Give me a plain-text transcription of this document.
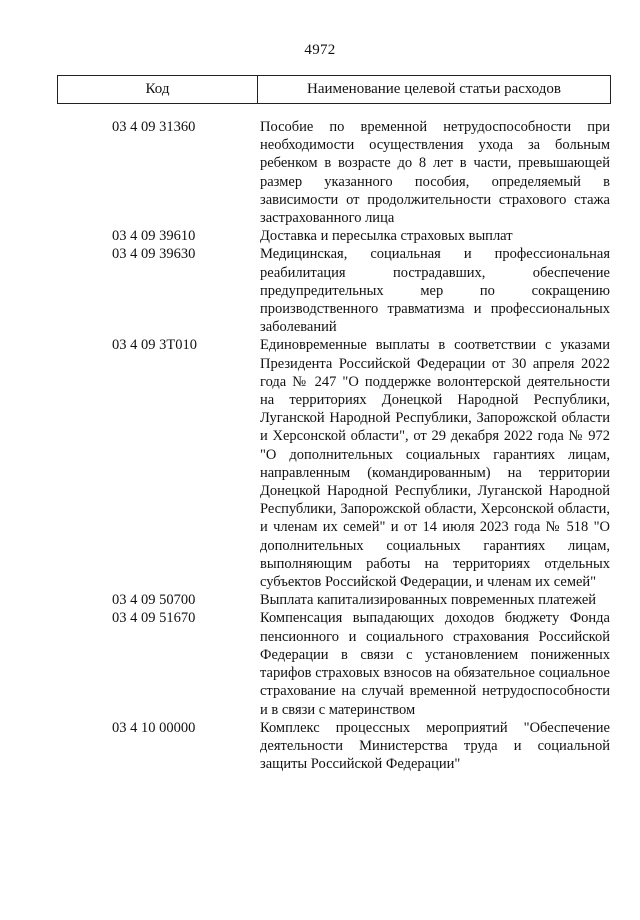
4972
Код	Наименование целевой статьи расходов
03 4 09 31360	Пособие по временной нетрудоспособности при необходимости осуществления ухода за больным ребенком в возрасте до 8 лет в части, превышающей размер указанного пособия, определяемый в зависимости от продолжительности страхового стажа застрахованного лица
03 4 09 39610	Доставка и пересылка страховых выплат
03 4 09 39630	Медицинская, социальная и профессиональная реабилитация пострадавших, обеспечение предупредительных мер по сокращению производственного травматизма и профессиональных заболеваний
03 4 09 3Т010	Единовременные выплаты в соответствии с указами Президента Российской Федерации от 30 апреля 2022 года № 247 "О поддержке волонтерской деятельности на территориях Донецкой Народной Республики, Луганской Народной Республики, Запорожской области и Херсонской области", от 29 декабря 2022 года № 972 "О дополнительных социальных гарантиях лицам, направленным (командированным) на территории Донецкой Народной Республики, Луганской Народной Республики, Запорожской области, Херсонской области, и членам их семей" и от 14 июля 2023 года № 518 "О дополнительных социальных гарантиях лицам, выполняющим работы на территориях отдельных субъектов Российской Федерации, и членам их семей"
03 4 09 50700	Выплата капитализированных повременных платежей
03 4 09 51670	Компенсация выпадающих доходов бюджету Фонда пенсионного и социального страхования Российской Федерации в связи с установлением пониженных тарифов страховых взносов на обязательное социальное страхование на случай временной нетрудоспособности и в связи с материнством
03 4 10 00000	Комплекс процессных мероприятий "Обеспечение деятельности Министерства труда и социальной защиты Российской Федерации"
